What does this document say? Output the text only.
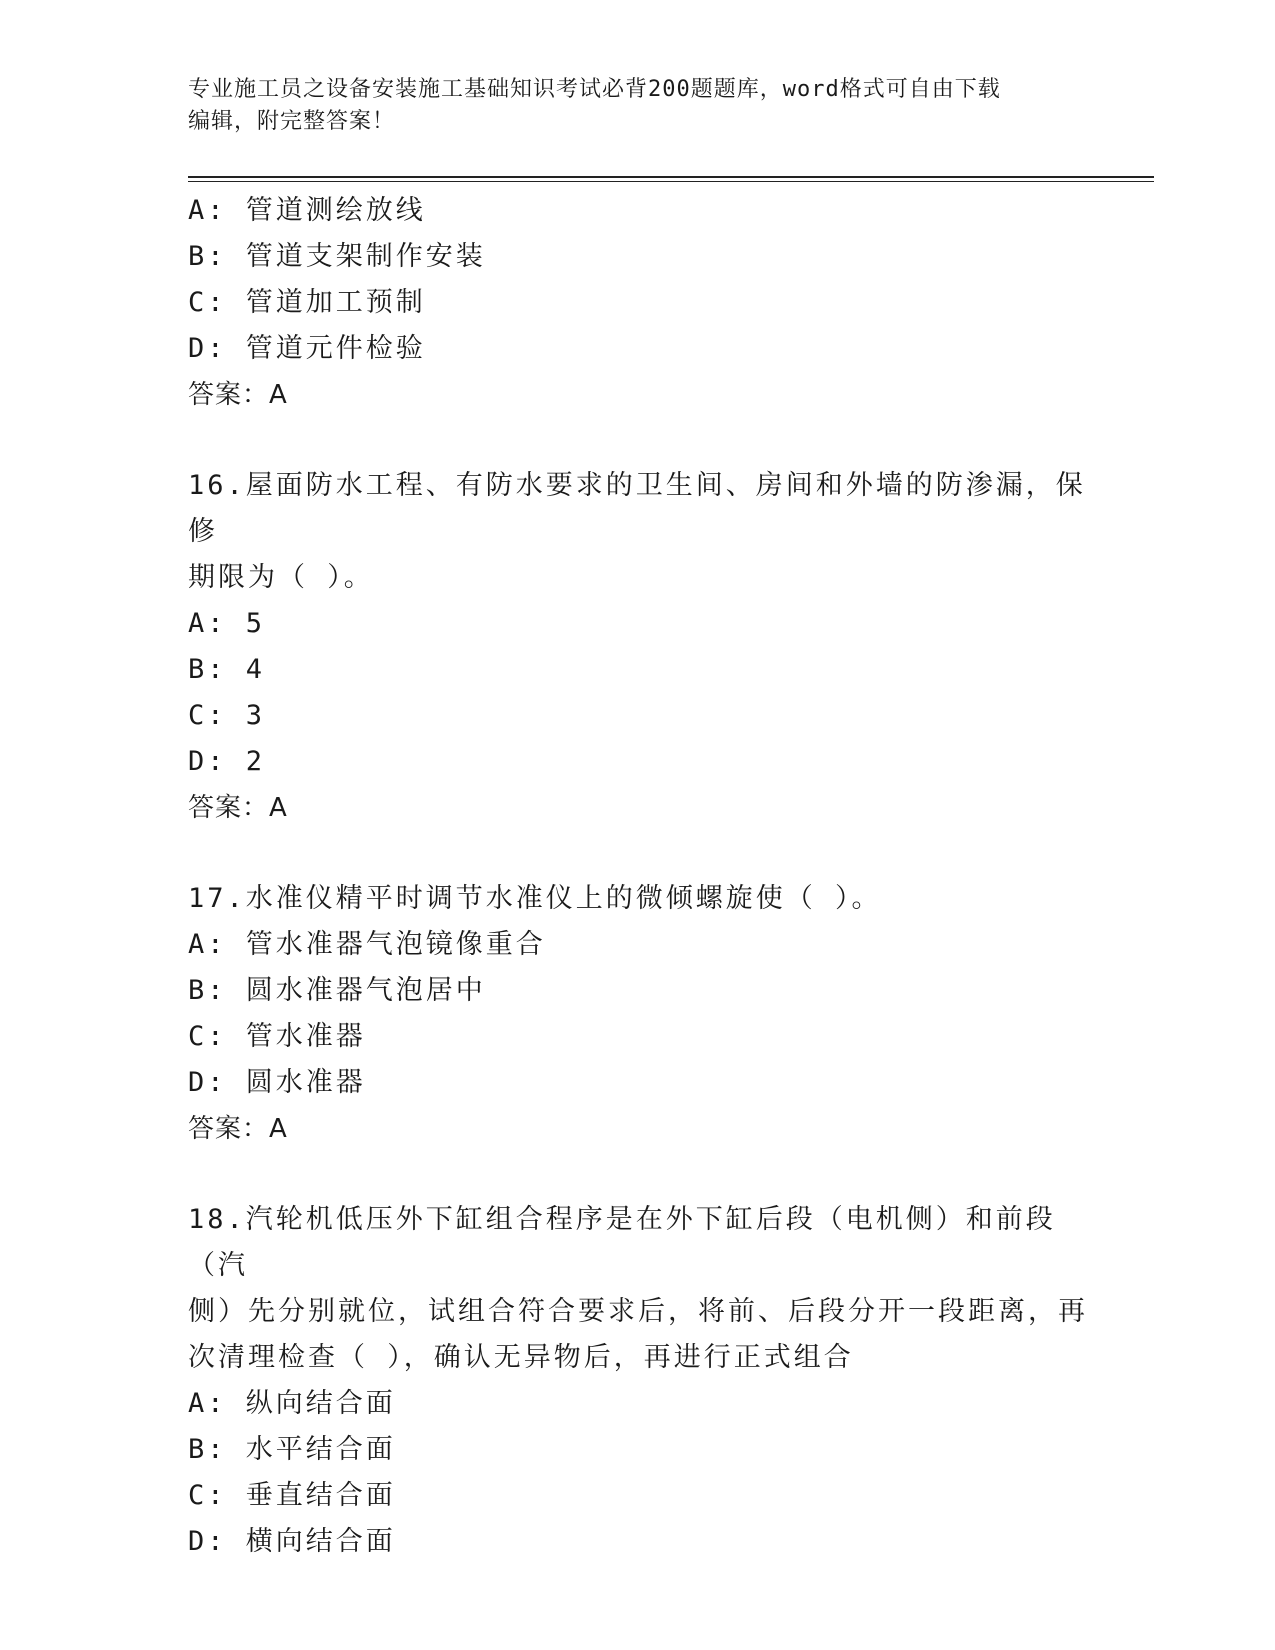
专业施工员之设备安装施工基础知识考试必背200题题库，word格式可自由下载
编辑，附完整答案！
A: 管道测绘放线
B: 管道支架制作安装
C: 管道加工预制
D: 管道元件检验
答案：A
16.屋面防水工程、有防水要求的卫生间、房间和外墙的防渗漏，保修
期限为（ ）。
A: 5
B: 4
C: 3
D: 2
答案：A
17.水准仪精平时调节水准仪上的微倾螺旋使（ ）。
A: 管水准器气泡镜像重合
B: 圆水准器气泡居中
C: 管水准器
D: 圆水准器
答案：A
18.汽轮机低压外下缸组合程序是在外下缸后段（电机侧）和前段（汽
侧）先分别就位，试组合符合要求后，将前、后段分开一段距离，再
次清理检查（ ），确认无异物后，再进行正式组合
A: 纵向结合面
B: 水平结合面
C: 垂直结合面
D: 横向结合面
